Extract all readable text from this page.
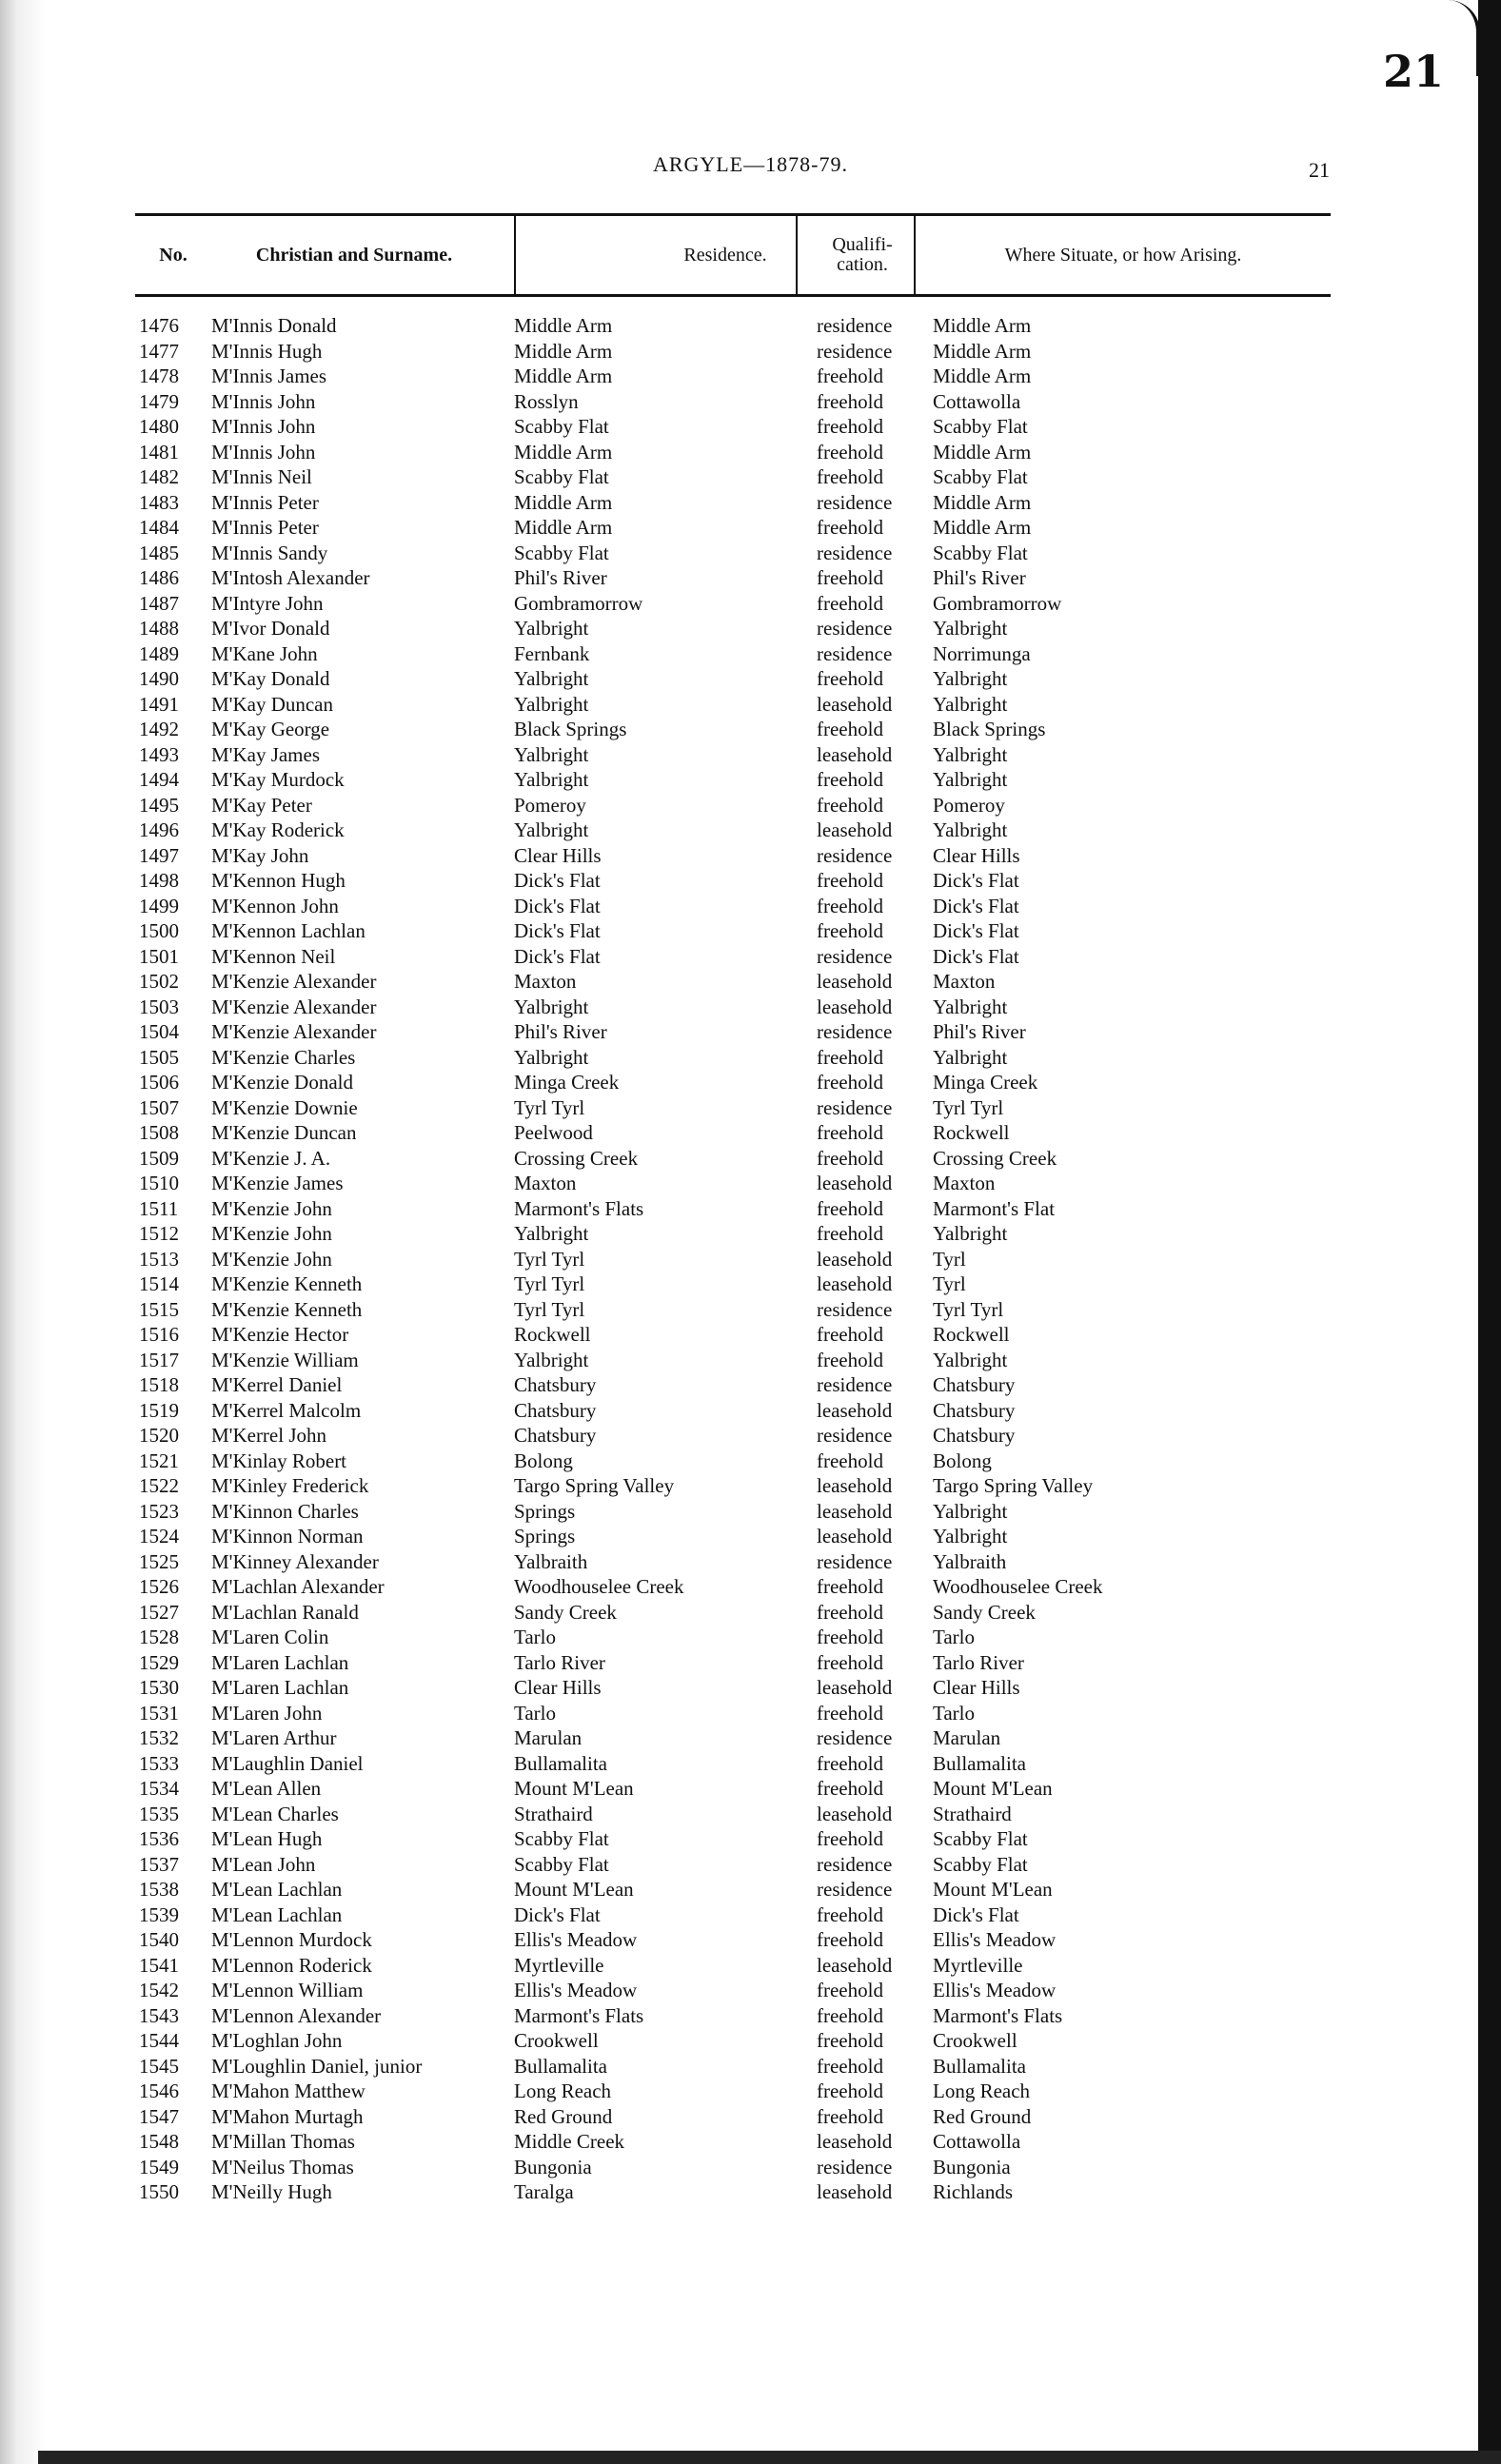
21
ARGYLE—1878-79.	21
No.	Christian and Surname.	Residence.	Qualifi-
cation.	Where Situate, or how Arising.
1476 M'Innis Donald	Middle Arm	residence Middle Arm
1477 M'Innis Hugh	Middle Arm	residence Middle Arm
1478 M'Innis James	Middle Arm	freehold Middle Arm
1479 M'Innis John	Rosslyn	freehold Cottawolla
1480 M'Innis John	Scabby Flat	freehold Scabby Flat
1481 M'Innis John	Middle Arm	freehold Middle Arm
1482 M'Innis Neil	Scabby Flat	freehold Scabby Flat
1483 M'Innis Peter	Middle Arm	residence Middle Arm
1484 M'Innis Peter	Middle Arm	freehold Middle Arm
1485 M'Innis Sandy	Scabby Flat	residence Scabby Flat
1486 M'Intosh Alexander	Phil's River	freehold Phil's River
1487 M'Intyre John	Gombramorrow	freehold Gombramorrow
1488 M'Ivor Donald	Yalbright	residence Yalbright
1489 M'Kane John	Fernbank	residence Norrimunga
1490 M'Kay Donald	Yalbright	freehold Yalbright
1491 M'Kay Duncan	Yalbright	leasehold Yalbright
1492 M'Kay George	Black Springs	freehold Black Springs
1493 M'Kay James	Yalbright	leasehold Yalbright
1494 M'Kay Murdock	Yalbright	freehold Yalbright
1495 M'Kay Peter	Pomeroy	freehold Pomeroy
1496 M'Kay Roderick	Yalbright	leasehold Yalbright
1497 M'Kay John	Clear Hills	residence Clear Hills
1498 M'Kennon Hugh	Dick's Flat	freehold Dick's Flat
1499 M'Kennon John	Dick's Flat	freehold Dick's Flat
1500 M'Kennon Lachlan	Dick's Flat	freehold Dick's Flat
1501 M'Kennon Neil	Dick's Flat	residence Dick's Flat
1502 M'Kenzie Alexander	Maxton	leasehold Maxton
1503 M'Kenzie Alexander	Yalbright	leasehold Yalbright
1504 M'Kenzie Alexander	Phil's River	residence Phil's River
1505 M'Kenzie Charles	Yalbright	freehold Yalbright
1506 M'Kenzie Donald	Minga Creek	freehold Minga Creek
1507 M'Kenzie Downie	Tyrl Tyrl	residence Tyrl Tyrl
1508 M'Kenzie Duncan	Peelwood	freehold Rockwell
1509 M'Kenzie J. A.	Crossing Creek	freehold Crossing Creek
1510 M'Kenzie James	Maxton	leasehold Maxton
1511 M'Kenzie John	Marmont's Flats	freehold Marmont's Flat
1512 M'Kenzie John	Yalbright	freehold Yalbright
1513 M'Kenzie John	Tyrl Tyrl	leasehold Tyrl
1514 M'Kenzie Kenneth	Tyrl Tyrl	leasehold Tyrl
1515 M'Kenzie Kenneth	Tyrl Tyrl	residence Tyrl Tyrl
1516 M'Kenzie Hector	Rockwell	freehold Rockwell
1517 M'Kenzie William	Yalbright	freehold Yalbright
1518 M'Kerrel Daniel	Chatsbury	residence Chatsbury
1519 M'Kerrel Malcolm	Chatsbury	leasehold Chatsbury
1520 M'Kerrel John	Chatsbury	residence Chatsbury
1521 M'Kinlay Robert	Bolong	freehold Bolong
1522 M'Kinley Frederick	Targo Spring Valley	leasehold Targo Spring Valley
1523 M'Kinnon Charles	Springs	leasehold Yalbright
1524 M'Kinnon Norman	Springs	leasehold Yalbright
1525 M'Kinney Alexander	Yalbraith	residence Yalbraith
1526 M'Lachlan Alexander	Woodhouselee Creek	freehold Woodhouselee Creek
1527 M'Lachlan Ranald	Sandy Creek	freehold Sandy Creek
1528 M'Laren Colin	Tarlo	freehold Tarlo
1529 M'Laren Lachlan	Tarlo River	freehold Tarlo River
1530 M'Laren Lachlan	Clear Hills	leasehold Clear Hills
1531 M'Laren John	Tarlo	freehold Tarlo
1532 M'Laren Arthur	Marulan	residence Marulan
1533 M'Laughlin Daniel	Bullamalita	freehold Bullamalita
1534 M'Lean Allen	Mount M'Lean	freehold Mount M'Lean
1535 M'Lean Charles	Strathaird	leasehold Strathaird
1536 M'Lean Hugh	Scabby Flat	freehold Scabby Flat
1537 M'Lean John	Scabby Flat	residence Scabby Flat
1538 M'Lean Lachlan	Mount M'Lean	residence Mount M'Lean
1539 M'Lean Lachlan	Dick's Flat	freehold Dick's Flat
1540 M'Lennon Murdock	Ellis's Meadow	freehold Ellis's Meadow
1541 M'Lennon Roderick	Myrtleville	leasehold Myrtleville
1542 M'Lennon William	Ellis's Meadow	freehold Ellis's Meadow
1543 M'Lennon Alexander	Marmont's Flats	freehold Marmont's Flats
1544 M'Loghlan John	Crookwell	freehold Crookwell
1545 M'Loughlin Daniel, junior	Bullamalita	freehold Bullamalita
1546 M'Mahon Matthew	Long Reach	freehold Long Reach
1547 M'Mahon Murtagh	Red Ground	freehold Red Ground
1548 M'Millan Thomas	Middle Creek	leasehold Cottawolla
1549 M'Neilus Thomas	Bungonia	residence Bungonia
1550 M'Neilly Hugh	Taralga	leasehold Richlands
